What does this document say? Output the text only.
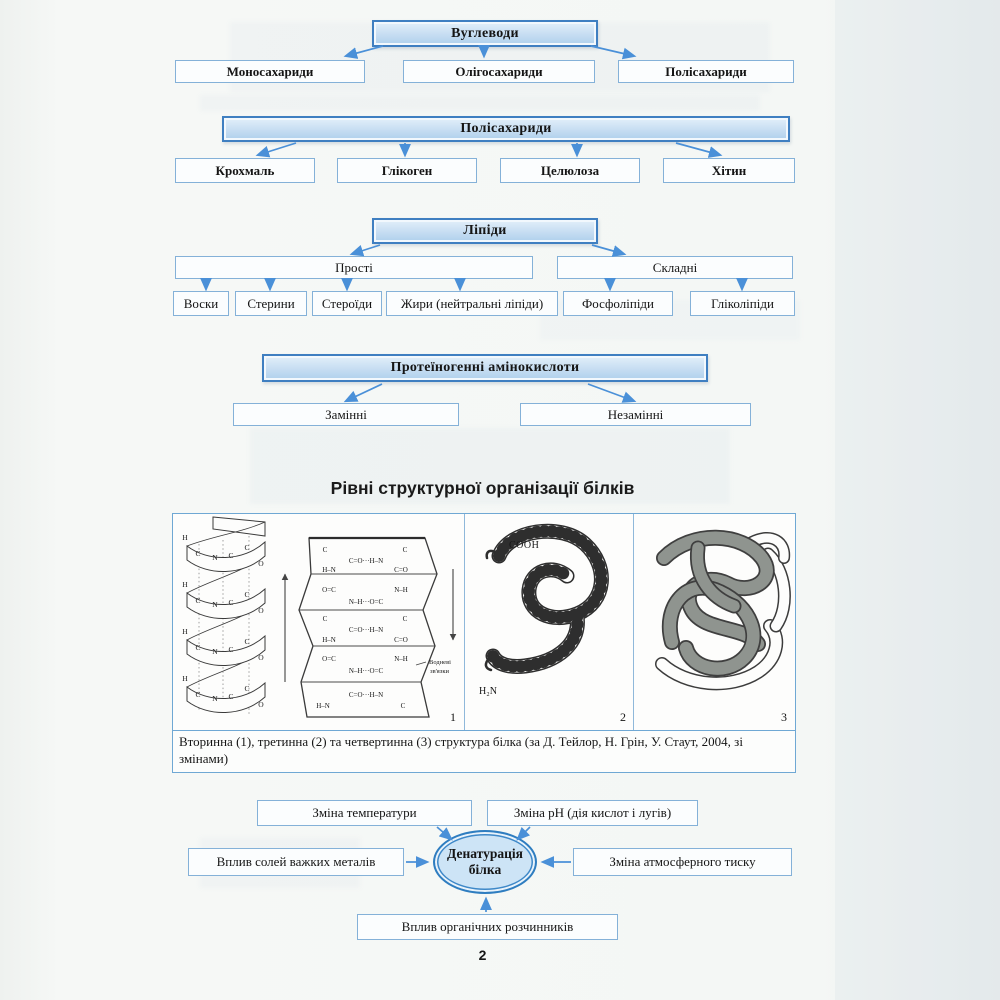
Вуглеводи
Моносахариди	Олігосахариди	Полісахариди
Полісахариди
Крохмаль	Глікоген	Целюлоза	Хітин
Ліпіди
Прості	Складні
Воски Стерини Стероїди Жири (нейтральні ліпіди)	Фосфоліпіди	Гліколіпіди
Протеїногенні амінокислоти
Замінні	Незамінні
Рівні структурної організації білків
H
C N C
C
O
H
C N C
C
O
H
C N C
C
O
H
C N C
C
O
C	C
C=O···H–N
H–N	C=O
O=C	N–H
N–H···O=C
C	C
C=O···H–N
H–N	C=O
O=C	N–H
N–H···O=C
C=O···H–N
H–N	C
Водневі
зв'язки
1
COOH
H₂N
2	3
Вторинна (1), третинна (2) та четвертинна (3) структура білка (за Д. Тейлор, Н. Грін, У. Стаут, 2004, зі змінами)
Зміна температури	Зміна pH (дія кислот і лугів)
Вплив солей важких металів	Зміна атмосферного тиску
Вплив органічних розчинників
Денатурація
білка
2
